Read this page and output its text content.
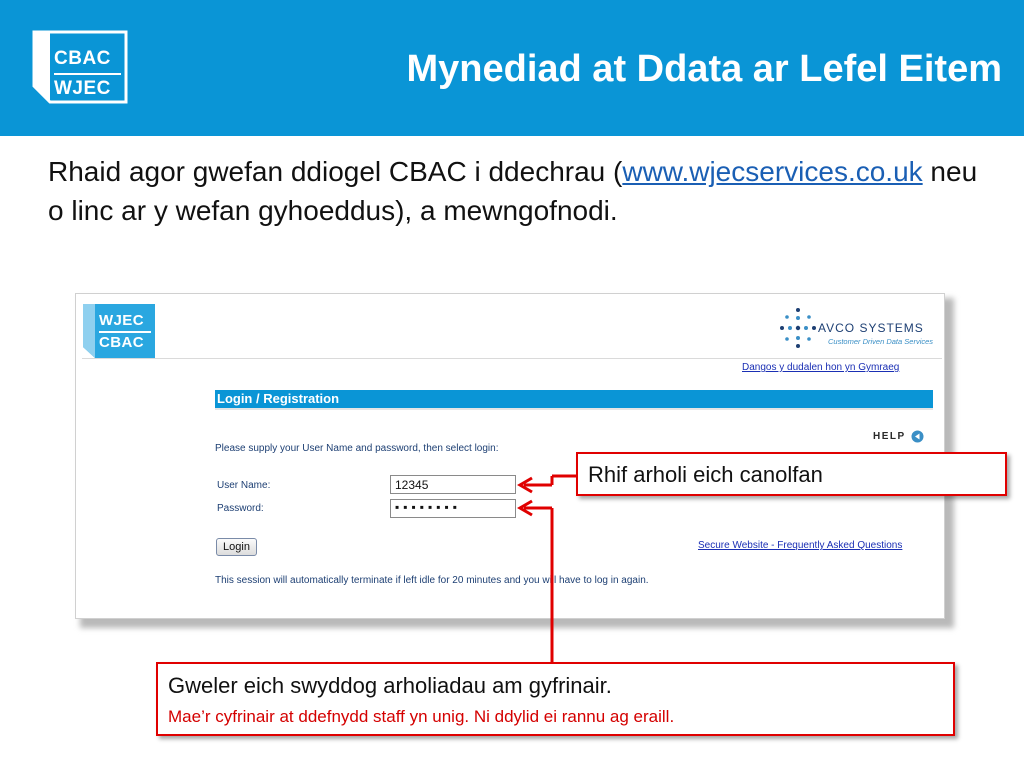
CBAC
WJEC	Mynediad at Ddata ar Lefel Eitem

Rhaid agor gwefan ddiogel CBAC i ddechrau (www.wjecservices.co.uk neu o linc ar y wefan gyhoeddus), a mewngofnodi.

WJEC
CBAC
AVCO SYSTEMS
Customer Driven Data Services
Dangos y dudalen hon yn Gymraeg
Login / Registration
HELP
Please supply your User Name and password, then select login:
User Name:	12345
Password:	▪▪▪▪▪▪▪▪
Login	Secure Website - Frequently Asked Questions
This session will automatically terminate if left idle for 20 minutes and you will have to log in again.
Rhif arholi eich canolfan
Gweler eich swyddog arholiadau am gyfrinair.
Mae’r cyfrinair at ddefnydd staff yn unig. Ni ddylid ei rannu ag eraill.
